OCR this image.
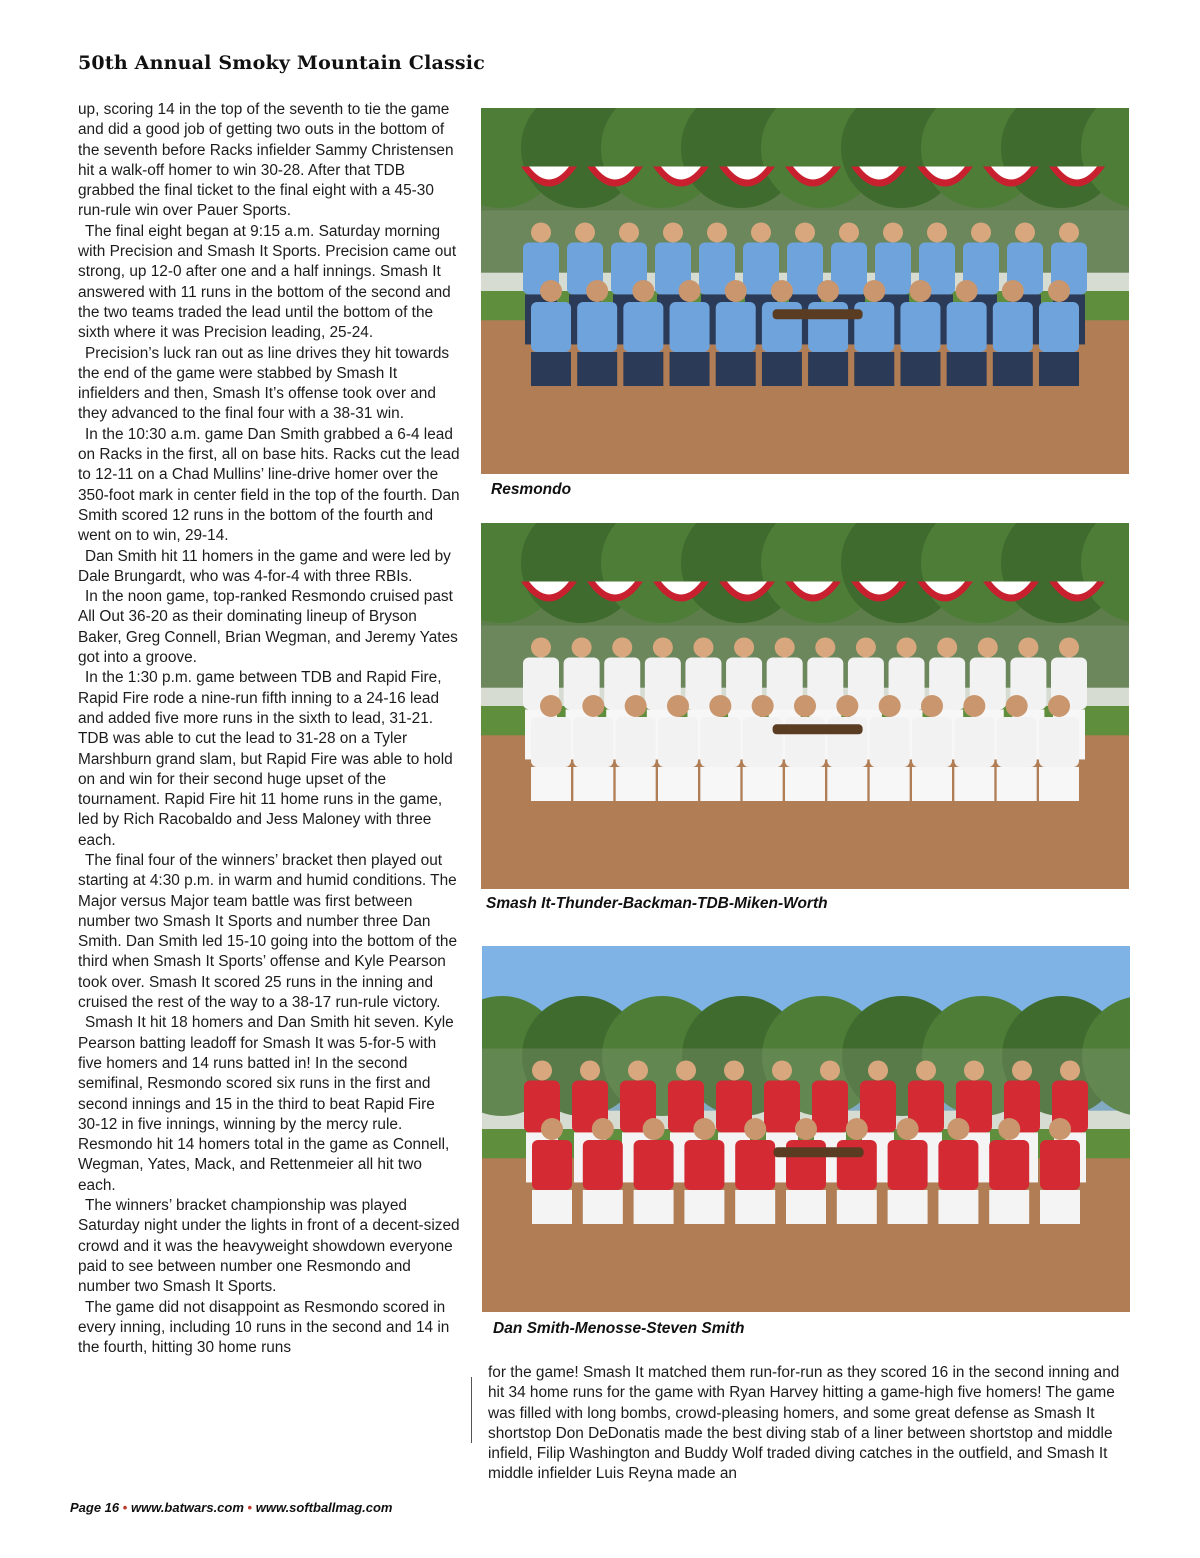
50th Annual Smoky Mountain Classic

up, scoring 14 in the top of the seventh to tie the game and did a good job of getting two outs in the bottom of the seventh before Racks infielder Sammy Christensen hit a walk-off homer to win 30-28. After that TDB grabbed the final ticket to the final eight with a 45-30 run-rule win over Pauer Sports.

The final eight began at 9:15 a.m. Saturday morning with Precision and Smash It Sports. Precision came out strong, up 12-0 after one and a half innings. Smash It answered with 11 runs in the bottom of the second and the two teams traded the lead until the bottom of the sixth where it was Precision leading, 25-24.

Precision’s luck ran out as line drives they hit towards the end of the game were stabbed by Smash It infielders and then, Smash It’s offense took over and they advanced to the final four with a 38-31 win.

In the 10:30 a.m. game Dan Smith grabbed a 6-4 lead on Racks in the first, all on base hits. Racks cut the lead to 12-11 on a Chad Mullins’ line-drive homer over the 350-foot mark in center field in the top of the fourth. Dan Smith scored 12 runs in the bottom of the fourth and went on to win, 29-14.

Dan Smith hit 11 homers in the game and were led by Dale Brungardt, who was 4-for-4 with three RBIs.

In the noon game, top-ranked Resmondo cruised past All Out 36-20 as their dominating lineup of Bryson Baker, Greg Connell, Brian Wegman, and Jeremy Yates got into a groove.

In the 1:30 p.m. game between TDB and Rapid Fire, Rapid Fire rode a nine-run fifth inning to a 24-16 lead and added five more runs in the sixth to lead, 31-21. TDB was able to cut the lead to 31-28 on a Tyler Marshburn grand slam, but Rapid Fire was able to hold on and win for their second huge upset of the tournament. Rapid Fire hit 11 home runs in the game, led by Rich Racobaldo and Jess Maloney with three each.

The final four of the winners’ bracket then played out starting at 4:30 p.m. in warm and humid conditions. The Major versus Major team battle was first between number two Smash It Sports and number three Dan Smith. Dan Smith led 15-10 going into the bottom of the third when Smash It Sports’ offense and Kyle Pearson took over. Smash It scored 25 runs in the inning and cruised the rest of the way to a 38-17 run-rule victory.

Smash It hit 18 homers and Dan Smith hit seven. Kyle Pearson batting leadoff for Smash It was 5-for-5 with five homers and 14 runs batted in! In the second semifinal, Resmondo scored six runs in the first and second innings and 15 in the third to beat Rapid Fire 30-12 in five innings, winning by the mercy rule. Resmondo hit 14 homers total in the game as Connell, Wegman, Yates, Mack, and Rettenmeier all hit two each.

The winners’ bracket championship was played Saturday night under the lights in front of a decent-sized crowd and it was the heavyweight showdown everyone paid to see between number one Resmondo and number two Smash It Sports.

The game did not disappoint as Resmondo scored in every inning, including 10 runs in the second and 14 in the fourth, hitting 30 home runs

Resmondo
Smash It-Thunder-Backman-TDB-Miken-Worth
Dan Smith-Menosse-Steven Smith

for the game! Smash It matched them run-for-run as they scored 16 in the second inning and hit 34 home runs for the game with Ryan Harvey hitting a game-high five homers! The game was filled with long bombs, crowd-pleasing homers, and some great defense as Smash It shortstop Don DeDonatis made the best diving stab of a liner between shortstop and middle infield, Filip Washington and Buddy Wolf traded diving catches in the outfield, and Smash It middle infielder Luis Reyna made an

Page 16 • www.batwars.com • www.softballmag.com
